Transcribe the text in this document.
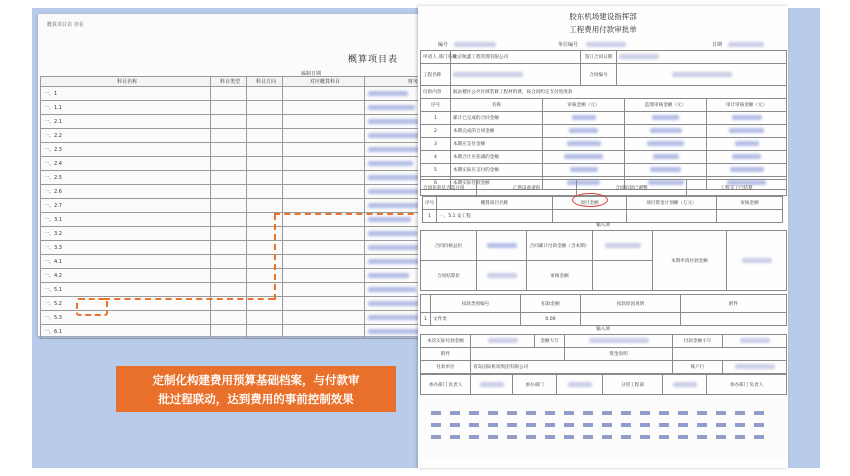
概算项目表 查看
概算项目表
编制日期
科目名称	科目类型	科目方向	对应概算科目	财务
一、1				
一、1.1				
一、2.1				
一、2.2				
一、2.3				
一、2.4				
一、2.5				
一、2.6				
一、2.7				
一、3.1				
一、3.2				
一、3.3				
一、4.1				
一、4.2				
一、5.1				
一、5.2				
一、5.3				
一、6.1				
定制化构建费用预算基础档案，与付款审
批过程联动，达到费用的事前控制效果
胶东机场建设指挥部
工程费用付款审批单
编号	单位编号	日期
申请人 部门名称	北京航鑫工程管理有限公司	签订合同日期	
工程名称		合同编号	
付款内容	航站楼区公共区域装修工程材料费，按合同约定支付进度款		
序号	名称	审核金额（元）	监理审核金额（元）	审计审核金额（元）
1	累计已完成的合同金额			
2	本期完成的合同金额			
3	本期应支付金额			
4	本期合计应扣减的金额			
5	本期实际应支付的金额			
6	本期实际付款金额			
合同价款是否需分项	乙供设备请审	合同价款已调整	工程交工已结算
序号	概算项目名称	项目金额	项目资金计划额（万元）	审核金额
1	一、5.1 安工程			
输入项
合同价格总价		合同累计付款金额（含本期）		本期申请付款金额	
合同结算价		审核金额			
	扣款类别编号	扣款金额	扣款原因说明	附件
1	文件类	0.00		
输入项
本次实际付款金额		金额大写		付款金额小写	
附件			资金说明		
付款单位	青岛国际机场集团有限公司			账户行	
承办部门 负责人		承办部门		分管工程部		承办部门 负责人
